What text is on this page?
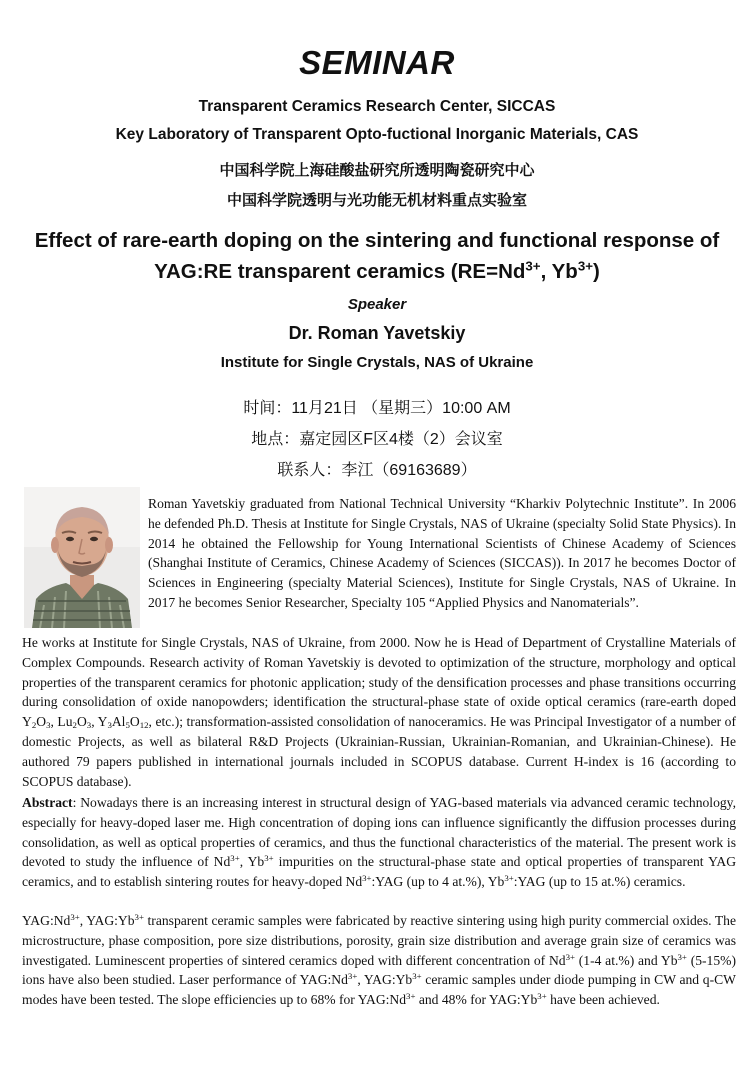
SEMINAR
Transparent Ceramics Research Center, SICCAS
Key Laboratory of Transparent Opto-fuctional Inorganic Materials, CAS
中国科学院上海硅酸盐研究所透明陶瓷研究中心
中国科学院透明与光功能无机材料重点实验室
Effect of rare-earth doping on the sintering and functional response of
YAG:RE transparent ceramics ($RE=Nd^{3+}$, $Yb^{3+}$)
Speaker
Dr. Roman Yavetskiy
Institute for Single Crystals, NAS of Ukraine
时间：11月21日 （星期三）10:00 AM
地点：嘉定园区F区4楼（2）会议室
联系人：李江（69163689）

Roman Yavetskiy graduated from National Technical University “Kharkiv Polytechnic Institute”. In 2006 he defended Ph.D. Thesis at Institute for Single Crystals, NAS of Ukraine (specialty Solid State Physics). In 2014 he obtained the Fellowship for Young International Scientists of Chinese Academy of Sciences (Shanghai Institute of Ceramics, Chinese Academy of Sciences (SICCAS)). In 2017 he becomes Doctor of Sciences in Engineering (specialty Material Sciences), Institute for Single Crystals, NAS of Ukraine. In 2017 he becomes Senior Researcher, Specialty 105 “Applied Physics and Nanomaterials”.

He works at Institute for Single Crystals, NAS of Ukraine, from 2000. Now he is Head of Department of Crystalline Materials of Complex Compounds. Research activity of Roman Yavetskiy is devoted to optimization of the structure, morphology and optical properties of the transparent ceramics for photonic application; study of the densification processes and phase transitions occurring during consolidation of oxide nanopowders; identification the structural-phase state of oxide optical ceramics (rare-earth doped $Y_2O_3$, $Lu_2O_3$, $Y_3Al_5O_{12}$, etc.); transformation-assisted consolidation of nanoceramics. He was Principal Investigator of a number of domestic Projects, as well as bilateral R&D Projects (Ukrainian-Russian, Ukrainian-Romanian, and Ukrainian-Chinese). He authored 79 papers published in international journals included in SCOPUS database. Current H-index is 16 (according to SCOPUS database).

Abstract: Nowadays there is an increasing interest in structural design of YAG-based materials via advanced ceramic technology, especially for heavy-doped laser me. High concentration of doping ions can influence significantly the diffusion processes during consolidation, as well as optical properties of ceramics, and thus the functional characteristics of the material. The present work is devoted to study the influence of $Nd^{3+}$, $Yb^{3+}$ impurities on the structural-phase state and optical properties of transparent YAG ceramics, and to establish sintering routes for heavy-doped $Nd^{3+}:YAG$ (up to 4 at.%), $Yb^{3+}:YAG$ (up to 15 at.%) ceramics.

$YAG:Nd^{3+}$, $YAG:Yb^{3+}$ transparent ceramic samples were fabricated by reactive sintering using high purity commercial oxides. The microstructure, phase composition, pore size distributions, porosity, grain size distribution and average grain size of ceramics was investigated. Luminescent properties of sintered ceramics doped with different concentration of $Nd^{3+}$ (1-4 at.%) and $Yb^{3+}$ (5-15%) ions have also been studied. Laser performance of $YAG:Nd^{3+}$, $YAG:Yb^{3+}$ ceramic samples under diode pumping in CW and q-CW modes have been tested. The slope efficiencies up to 68% for $YAG:Nd^{3+}$ and 48% for $YAG:Yb^{3+}$ have been achieved.
